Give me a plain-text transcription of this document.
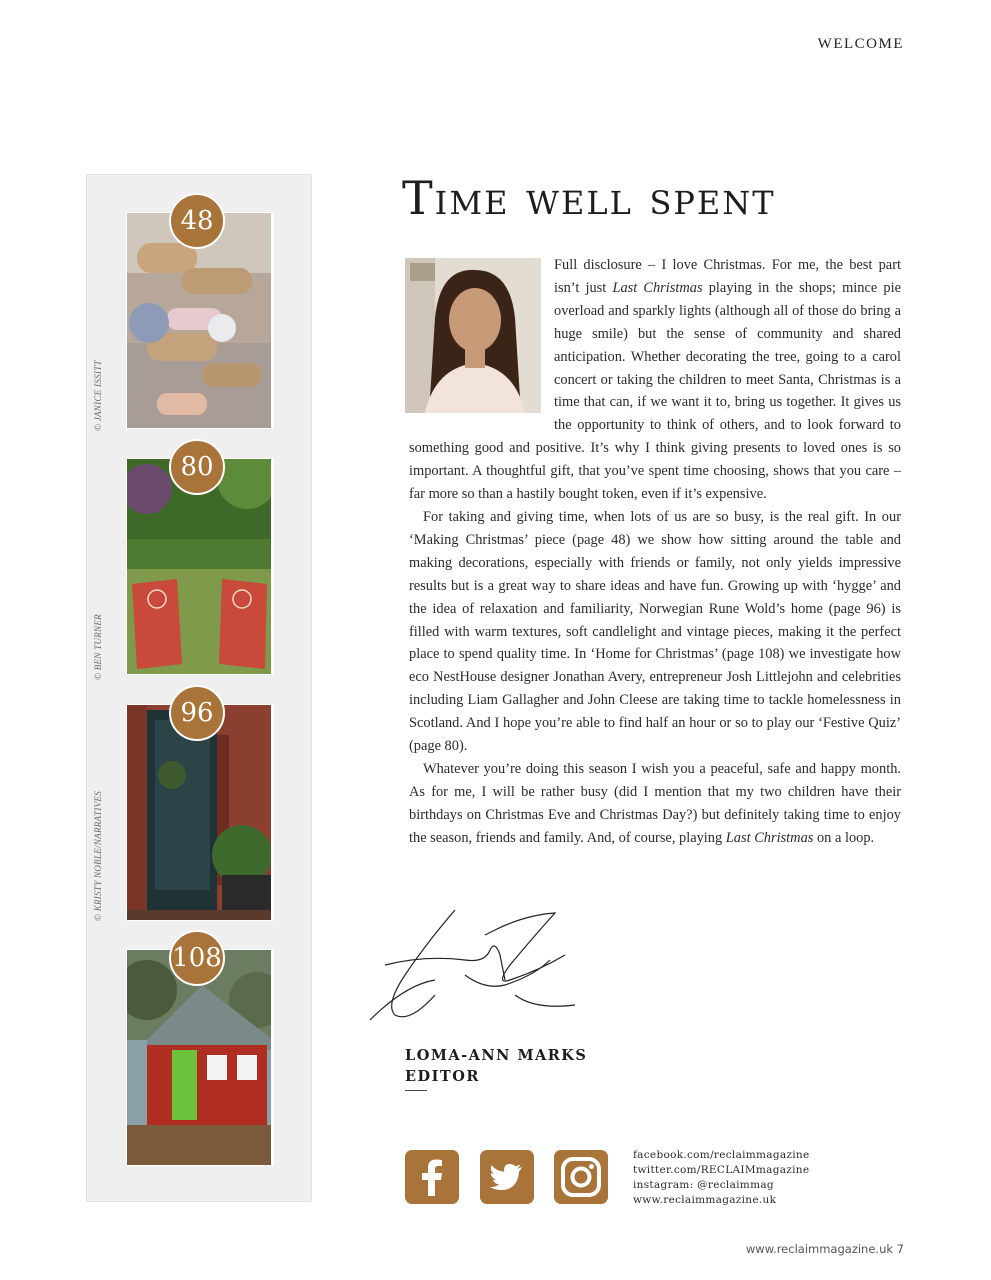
WELCOME
48
© JANICE ISSITT
80
© BEN TURNER
96
© KRISTY NOBLE/NARRATIVES
108
Time well spent

Full disclosure – I love Christmas. For me, the best part isn’t just Last Christmas playing in the shops; mince pie overload and sparkly lights (although all of those do bring a huge smile) but the sense of community and shared anticipation. Whether decorating the tree, going to a carol concert or taking the children to meet Santa, Christmas is a time that can, if we want it to, bring us together. It gives us the opportunity to think of others, and to look forward to something good and positive. It’s why I think giving presents to loved ones is so important. A thoughtful gift, that you’ve spent time choosing, shows that you care – far more so than a hastily bought token, even if it’s expensive.

For taking and giving time, when lots of us are so busy, is the real gift. In our ‘Making Christmas’ piece (page 48) we show how sitting around the table and making decorations, especially with friends or family, not only yields impressive results but is a great way to share ideas and have fun. Growing up with ‘hygge’ and the idea of relaxation and familiarity, Norwegian Rune Wold’s home (page 96) is filled with warm textures, soft candlelight and vintage pieces, making it the perfect place to spend quality time. In ‘Home for Christmas’ (page 108) we investigate how eco NestHouse designer Jonathan Avery, entrepreneur Josh Littlejohn and celebrities including Liam Gallagher and John Cleese are taking time to tackle homelessness in Scotland. And I hope you’re able to find half an hour or so to play our ‘Festive Quiz’ (page 80).

Whatever you’re doing this season I wish you a peaceful, safe and happy month. As for me, I will be rather busy (did I mention that my two children have their birthdays on Christmas Eve and Christmas Day?) but definitely taking time to enjoy the season, friends and family. And, of course, playing Last Christmas on a loop.

LOMA-ANN MARKS
EDITOR
facebook.com/reclaimmagazine
twitter.com/RECLAIMmagazine
instagram: @reclaimmag
www.reclaimmagazine.uk
www.reclaimmagazine.uk 7
